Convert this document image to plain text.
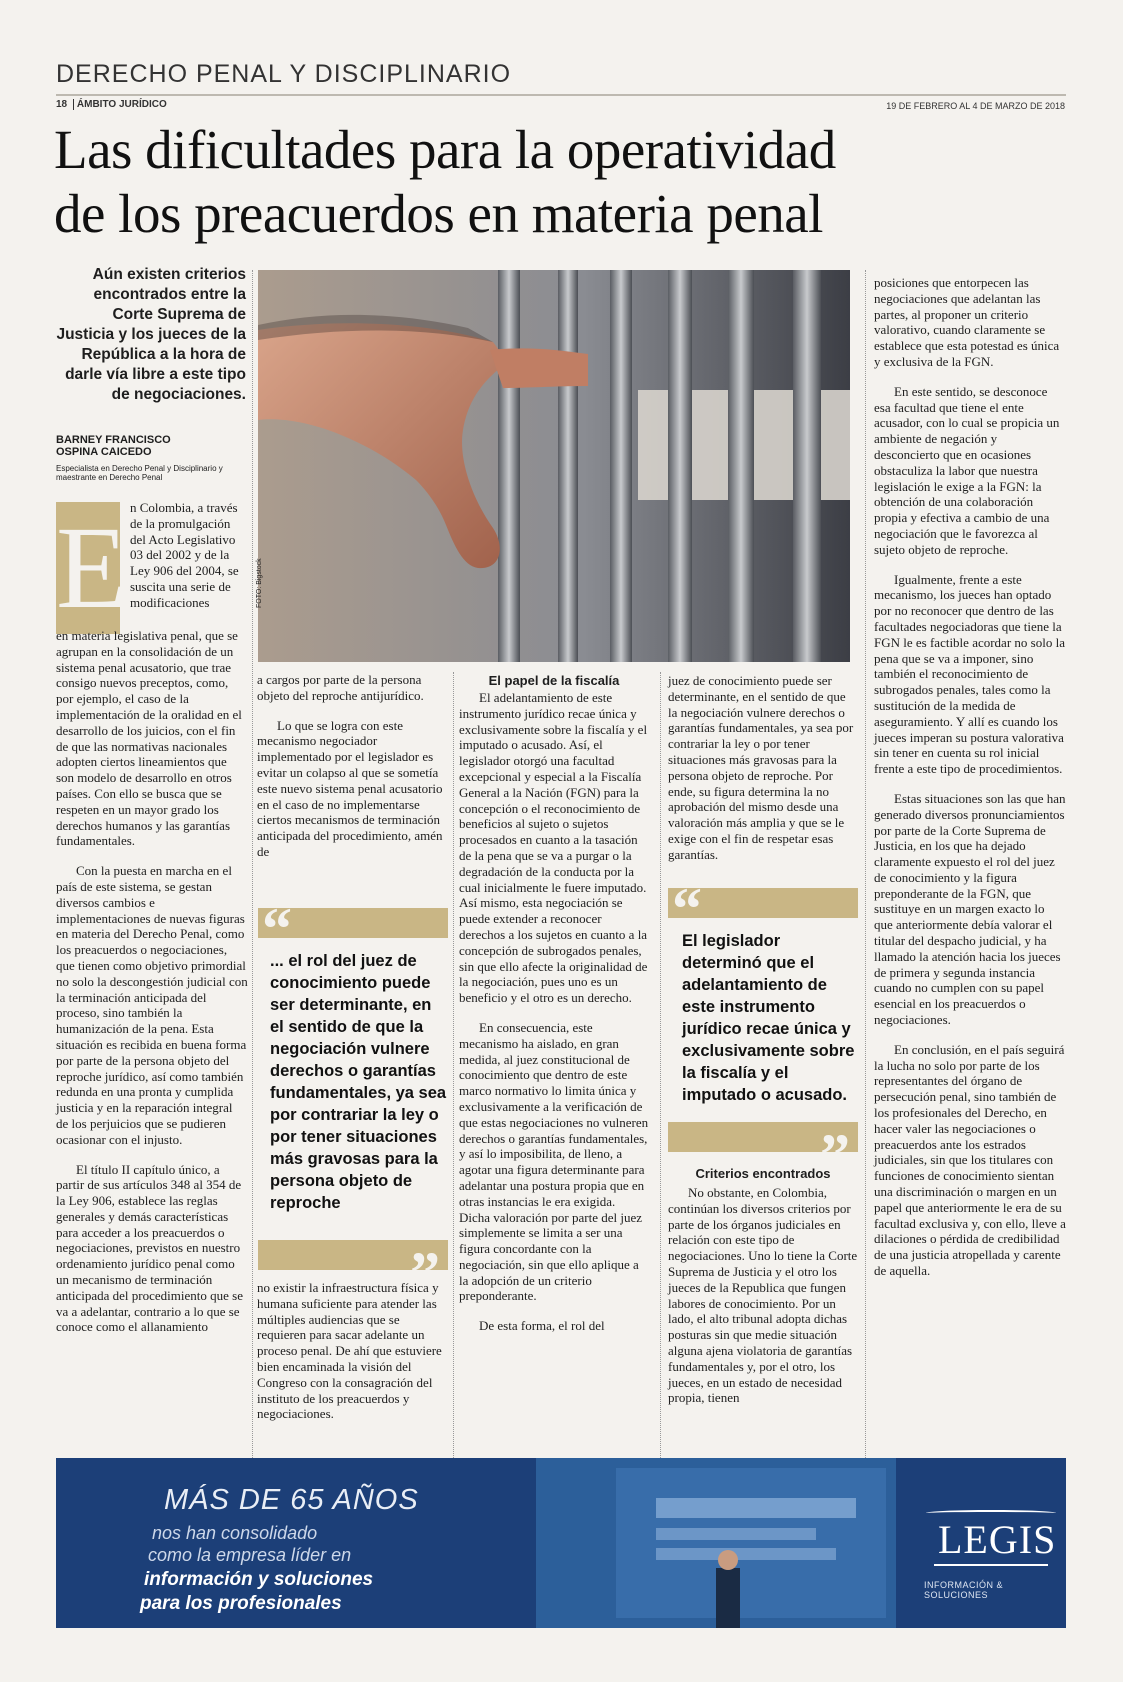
DERECHO PENAL Y DISCIPLINARIO
18 ÁMBITO JURÍDICO	19 DE FEBRERO AL 4 DE MARZO DE 2018
Las dificultades para la operatividad
de los preacuerdos en materia penal
Aún existen criterios encontrados entre la Corte Suprema de Justicia y los jueces de la República a la hora de darle vía libre a este tipo de negociaciones.
BARNEY FRANCISCO
OSPINA CAICEDO
Especialista en Derecho Penal y Disciplinario y maestrante en Derecho Penal
FOTO: Bigstock
E n Colombia, a través de la promulgación del Acto Legislativo 03 del 2002 y de la Ley 906 del 2004, se suscita una serie de modificaciones

en materia legislativa penal, que se agrupan en la consolidación de un sistema penal acusatorio, que trae consigo nuevos preceptos, como, por ejemplo, el caso de la implementación de la oralidad en el desarrollo de los juicios, con el fin de que las normativas nacionales adopten ciertos lineamientos que son modelo de desarrollo en otros países. Con ello se busca que se respeten en un mayor grado los derechos humanos y las garantías fundamentales.

Con la puesta en marcha en el país de este sistema, se gestan diversos cambios e implementaciones de nuevas figuras en materia del Derecho Penal, como los preacuerdos o negociaciones, que tienen como objetivo primordial no solo la descongestión judicial con la terminación anticipada del proceso, sino también la humanización de la pena. Esta situación es recibida en buena forma por parte de la persona objeto del reproche jurídico, así como también redunda en una pronta y cumplida justicia y en la reparación integral de los perjuicios que se pudieren ocasionar con el injusto.

El título II capítulo único, a partir de sus artículos 348 al 354 de la Ley 906, establece las reglas generales y demás características para acceder a los preacuerdos o negociaciones, previstos en nuestro ordenamiento jurídico penal como un mecanismo de terminación anticipada del procedimiento que se va a adelantar, contrario a lo que se conoce como el allanamiento

a cargos por parte de la persona objeto del reproche antijurídico.

Lo que se logra con este mecanismo negociador implementado por el legislador es evitar un colapso al que se sometía este nuevo sistema penal acusatorio en el caso de no implementarse ciertos mecanismos de terminación anticipada del procedimiento, amén de

“
... el rol del juez de conocimiento puede ser determinante, en el sentido de que la negociación vulnere derechos o garantías fundamentales, ya sea por contrariar la ley o por tener situaciones más gravosas para la persona objeto de reproche
”

no existir la infraestructura física y humana suficiente para atender las múltiples audiencias que se requieren para sacar adelante un proceso penal. De ahí que estuviere bien encaminada la visión del Congreso con la consagración del instituto de los preacuerdos y negociaciones.

El papel de la fiscalía

El adelantamiento de este instrumento jurídico recae única y exclusivamente sobre la fiscalía y el imputado o acusado. Así, el legislador otorgó una facultad excepcional y especial a la Fiscalía General a la Nación (FGN) para la concepción o el reconocimiento de beneficios al sujeto o sujetos procesados en cuanto a la tasación de la pena que se va a purgar o la degradación de la conducta por la cual inicialmente le fuere imputado. Así mismo, esta negociación se puede extender a reconocer derechos a los sujetos en cuanto a la concepción de subrogados penales, sin que ello afecte la originalidad de la negociación, pues uno es un beneficio y el otro es un derecho.

En consecuencia, este mecanismo ha aislado, en gran medida, al juez constitucional de conocimiento que dentro de este marco normativo lo limita única y exclusivamente a la verificación de que estas negociaciones no vulneren derechos o garantías fundamentales, y así lo imposibilita, de lleno, a agotar una figura determinante para adelantar una postura propia que en otras instancias le era exigida. Dicha valoración por parte del juez simplemente se limita a ser una figura concordante con la negociación, sin que ello aplique a la adopción de un criterio preponderante.

De esta forma, el rol del

juez de conocimiento puede ser determinante, en el sentido de que la negociación vulnere derechos o garantías fundamentales, ya sea por contrariar la ley o por tener situaciones más gravosas para la persona objeto de reproche. Por ende, su figura determina la no aprobación del mismo desde una valoración más amplia y que se le exige con el fin de respetar esas garantías.

“
El legislador determinó que el adelantamiento de este instrumento jurídico recae única y exclusivamente sobre la fiscalía y el imputado o acusado.
”
Criterios encontrados

No obstante, en Colombia, continúan los diversos criterios por parte de los órganos judiciales en relación con este tipo de negociaciones. Uno lo tiene la Corte Suprema de Justicia y el otro los jueces de la Republica que fungen labores de conocimiento. Por un lado, el alto tribunal adopta dichas posturas sin que medie situación alguna ajena violatoria de garantías fundamentales y, por el otro, los jueces, en un estado de necesidad propia, tienen

posiciones que entorpecen las negociaciones que adelantan las partes, al proponer un criterio valorativo, cuando claramente se establece que esta potestad es única y exclusiva de la FGN.

En este sentido, se desconoce esa facultad que tiene el ente acusador, con lo cual se propicia un ambiente de negación y desconcierto que en ocasiones obstaculiza la labor que nuestra legislación le exige a la FGN: la obtención de una colaboración propia y efectiva a cambio de una negociación que le favorezca al sujeto objeto de reproche.

Igualmente, frente a este mecanismo, los jueces han optado por no reconocer que dentro de las facultades negociadoras que tiene la FGN le es factible acordar no solo la pena que se va a imponer, sino también el reconocimiento de subrogados penales, tales como la sustitución de la medida de aseguramiento. Y allí es cuando los jueces imperan su postura valorativa sin tener en cuenta su rol inicial frente a este tipo de procedimientos.

Estas situaciones son las que han generado diversos pronunciamientos por parte de la Corte Suprema de Justicia, en los que ha dejado claramente expuesto el rol del juez de conocimiento y la figura preponderante de la FGN, que sustituye en un margen exacto lo que anteriormente debía valorar el titular del despacho judicial, y ha llamado la atención hacia los jueces de primera y segunda instancia cuando no cumplen con su papel esencial en los preacuerdos o negociaciones.

En conclusión, en el país seguirá la lucha no solo por parte de los representantes del órgano de persecución penal, sino también de los profesionales del Derecho, en hacer valer las negociaciones o preacuerdos ante los estrados judiciales, sin que los titulares con funciones de conocimiento sientan una discriminación o margen en un papel que anteriormente le era de su facultad exclusiva y, con ello, lleve a dilaciones o pérdida de credibilidad de una justicia atropellada y carente de aquella.

MÁS DE 65 AÑOS
nos han consolidado
como la empresa líder en
información y soluciones
para los profesionales
LEGIS
INFORMACIÓN & SOLUCIONES
